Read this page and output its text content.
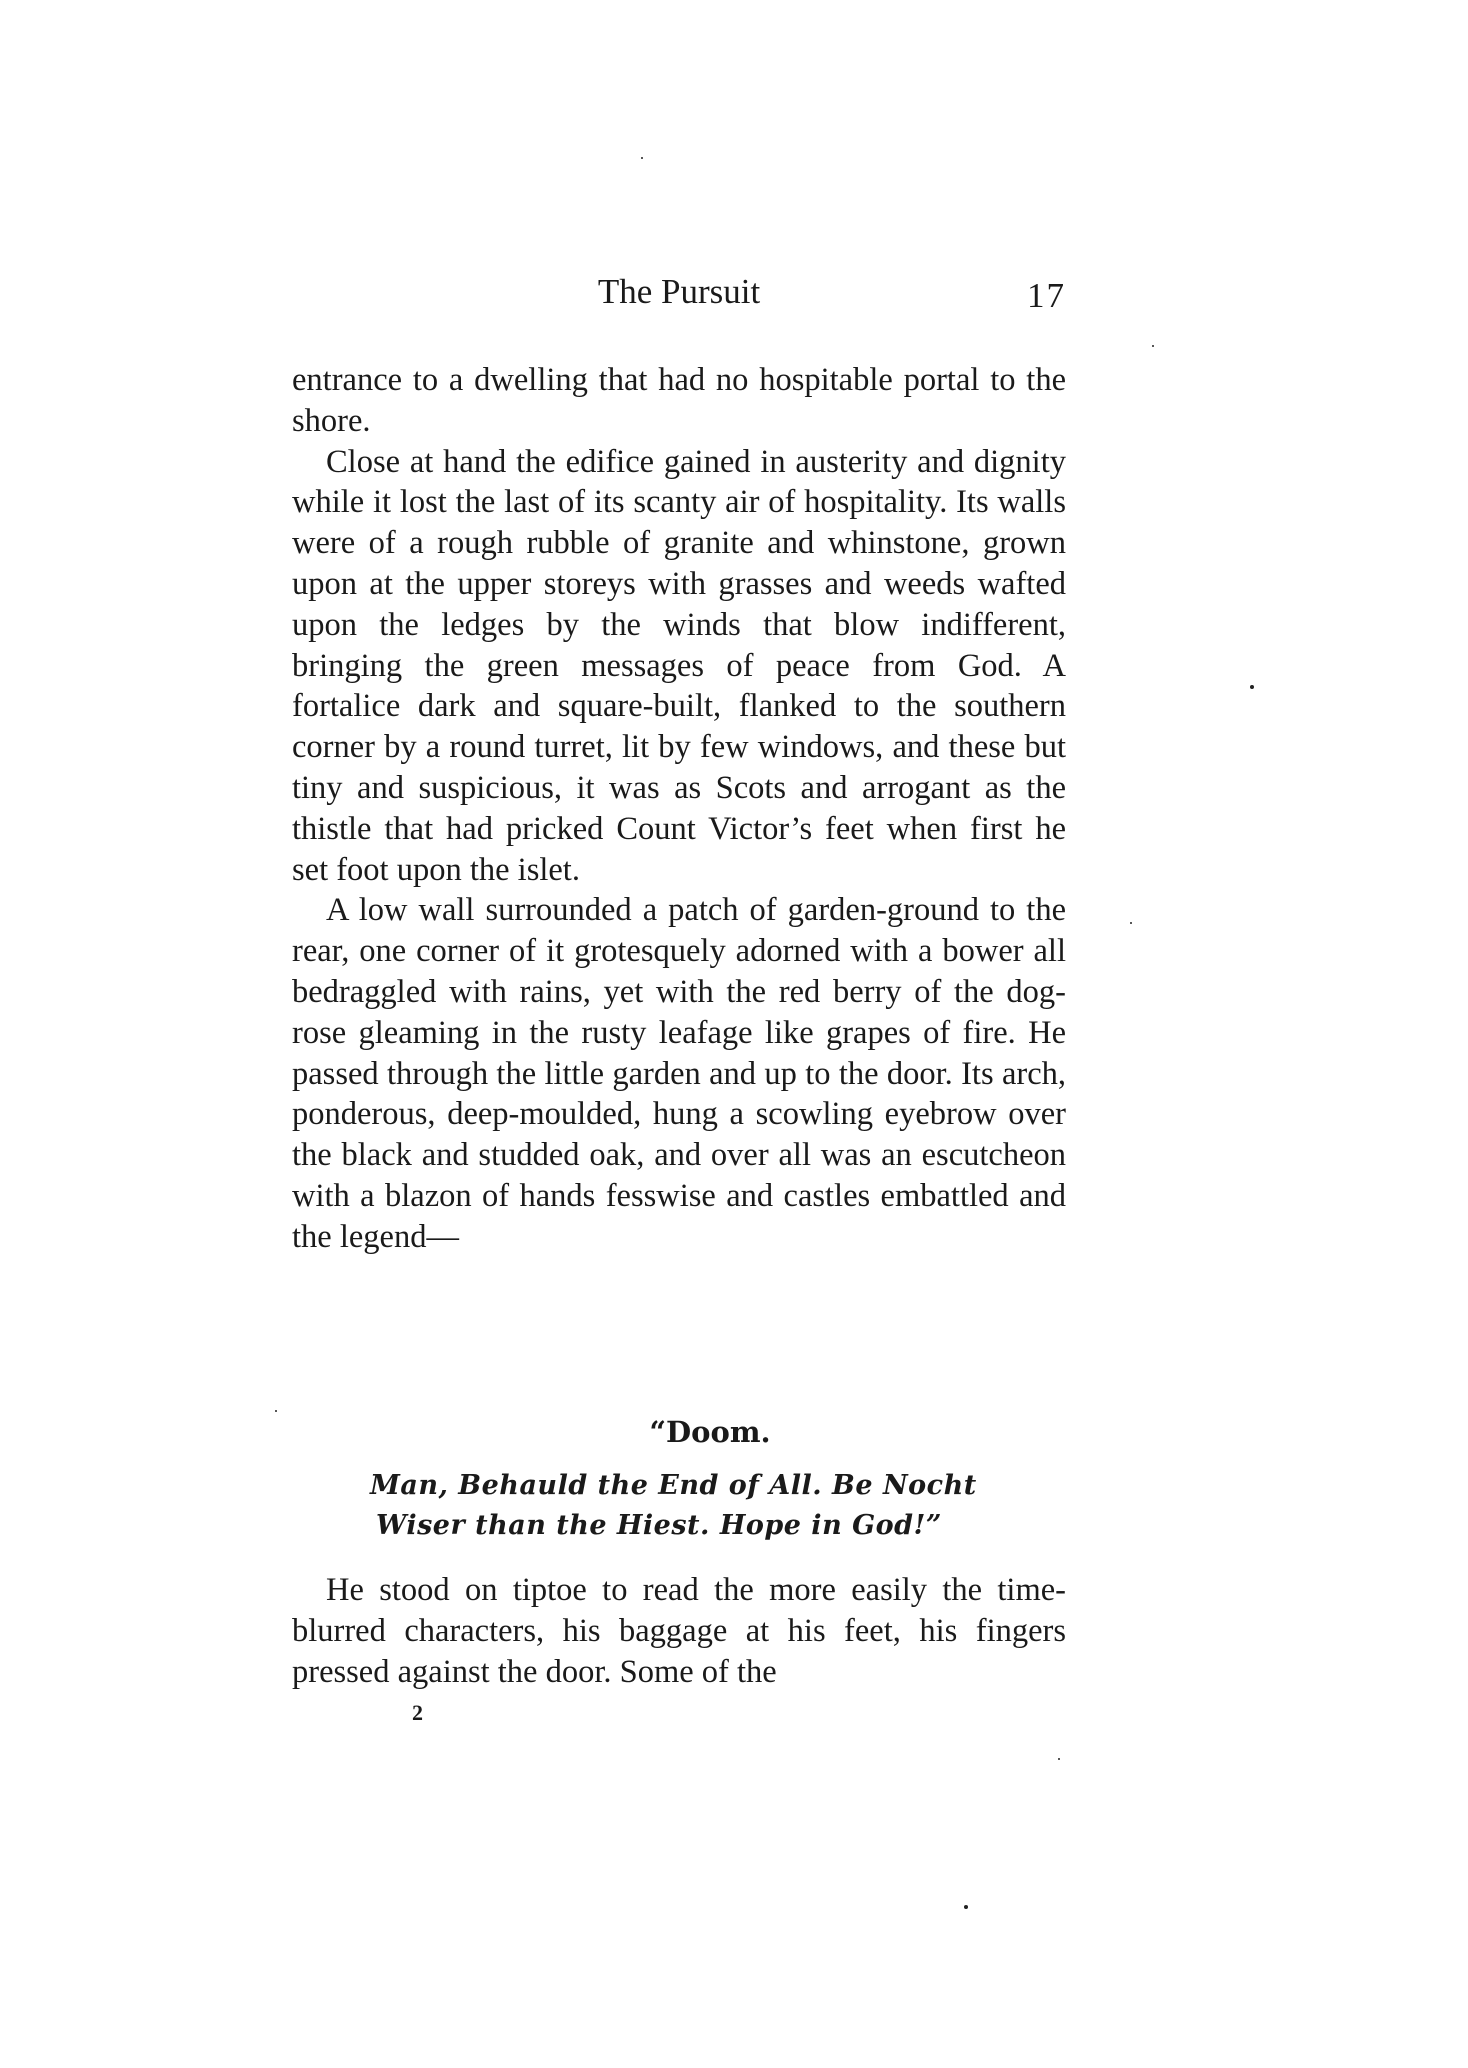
The Pursuit	17

entrance to a dwelling that had no hospitable portal to the shore.

Close at hand the edifice gained in austerity and dignity while it lost the last of its scanty air of hospitality. Its walls were of a rough rubble of granite and whinstone, grown upon at the upper storeys with grasses and weeds wafted upon the ledges by the winds that blow indifferent, bringing the green messages of peace from God. A fortalice dark and square-built, flanked to the southern corner by a round turret, lit by few windows, and these but tiny and suspicious, it was as Scots and arrogant as the thistle that had pricked Count Victor’s feet when first he set foot upon the islet.

A low wall surrounded a patch of garden-ground to the rear, one corner of it grotesquely adorned with a bower all bedraggled with rains, yet with the red berry of the dog-rose gleaming in the rusty leafage like grapes of fire. He passed through the little garden and up to the door. Its arch, ponderous, deep-moulded, hung a scowling eyebrow over the black and studded oak, and over all was an escutcheon with a blazon of hands fesswise and castles embattled and the legend—

“Doom.
Man, Behauld the End of All. Be Nocht
Wiser than the Hiest. Hope in God!”

He stood on tiptoe to read the more easily the time-blurred characters, his baggage at his feet, his fingers pressed against the door. Some of the

2
